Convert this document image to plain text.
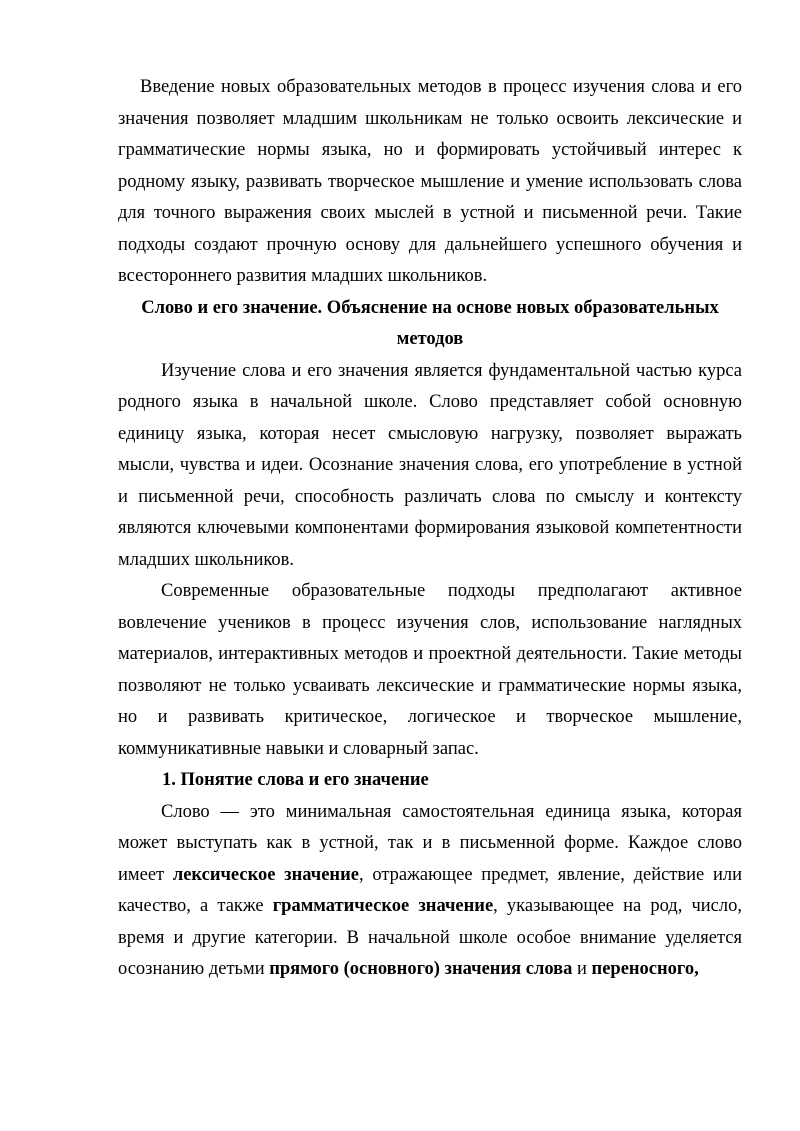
Введение новых образовательных методов в процесс изучения слова и его значения позволяет младшим школьникам не только освоить лексические и грамматические нормы языка, но и формировать устойчивый интерес к родному языку, развивать творческое мышление и умение использовать слова для точного выражения своих мыслей в устной и письменной речи. Такие подходы создают прочную основу для дальнейшего успешного обучения и всестороннего развития младших школьников.

Слово и его значение. Объяснение на основе новых образовательных методов

Изучение слова и его значения является фундаментальной частью курса родного языка в начальной школе. Слово представляет собой основную единицу языка, которая несет смысловую нагрузку, позволяет выражать мысли, чувства и идеи. Осознание значения слова, его употребление в устной и письменной речи, способность различать слова по смыслу и контексту являются ключевыми компонентами формирования языковой компетентности младших школьников.

Современные образовательные подходы предполагают активное вовлечение учеников в процесс изучения слов, использование наглядных материалов, интерактивных методов и проектной деятельности. Такие методы позволяют не только усваивать лексические и грамматические нормы языка, но и развивать критическое, логическое и творческое мышление, коммуникативные навыки и словарный запас.

1. Понятие слова и его значение

Слово — это минимальная самостоятельная единица языка, которая может выступать как в устной, так и в письменной форме. Каждое слово имеет лексическое значение, отражающее предмет, явление, действие или качество, а также грамматическое значение, указывающее на род, число, время и другие категории. В начальной школе особое внимание уделяется осознанию детьми прямого (основного) значения слова и переносного,
